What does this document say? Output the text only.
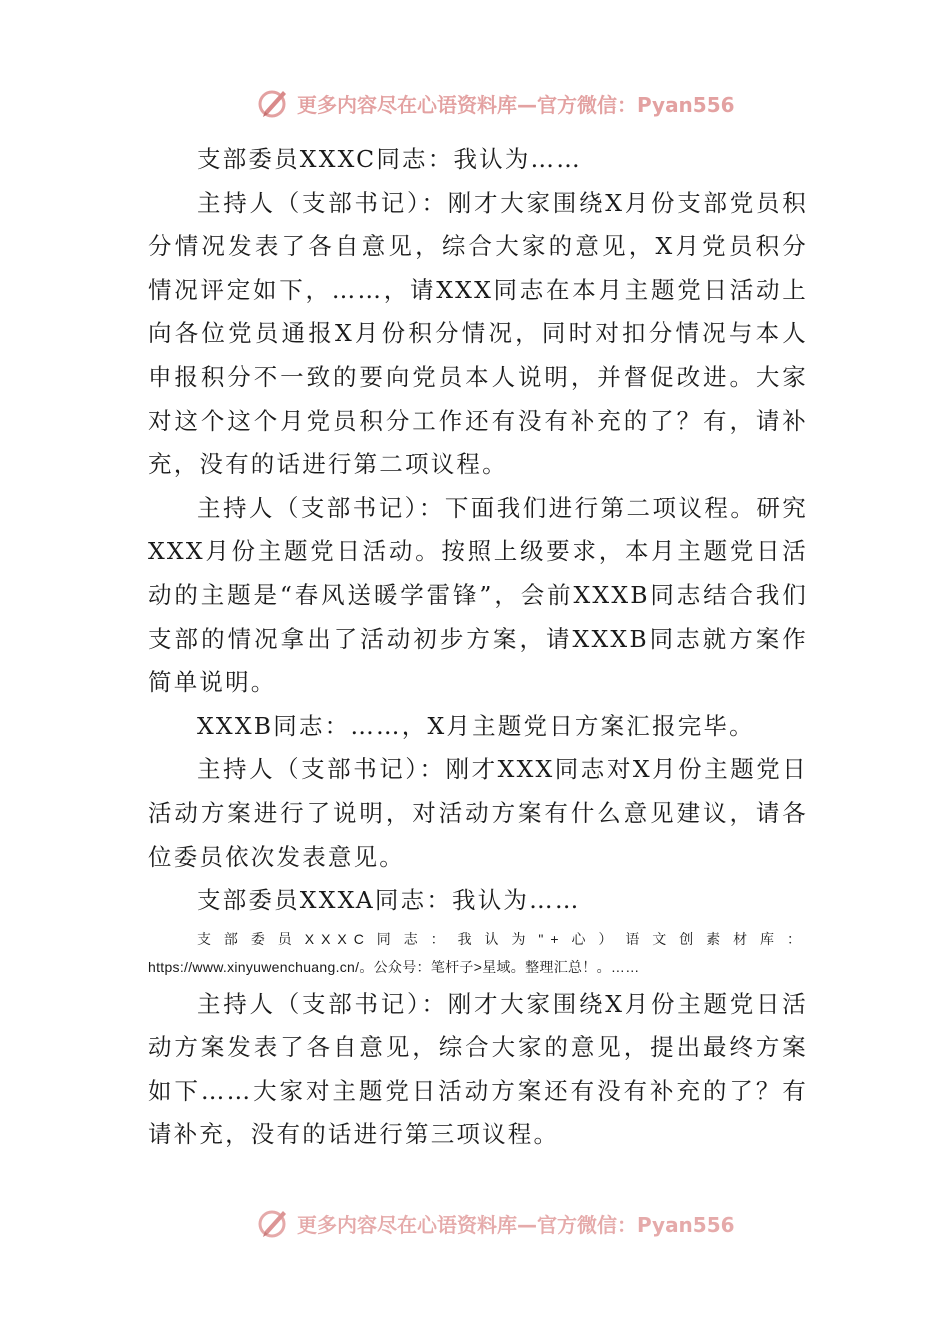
更多内容尽在心语资料库—官方微信：Pyan556

支部委员XXXC同志：我认为……

主持人（支部书记）：刚才大家围绕X月份支部党员积分情况发表了各自意见，综合大家的意见，X月党员积分情况评定如下，……，请XXX同志在本月主题党日活动上向各位党员通报X月份积分情况，同时对扣分情况与本人申报积分不一致的要向党员本人说明，并督促改进。大家对这个这个月党员积分工作还有没有补充的了？有，请补充，没有的话进行第二项议程。

主持人（支部书记）：下面我们进行第二项议程。研究XXX月份主题党日活动。按照上级要求，本月主题党日活动的主题是“春风送暖学雷锋”，会前XXXB同志结合我们支部的情况拿出了活动初步方案，请XXXB同志就方案作简单说明。

XXXB同志：……，X月主题党日方案汇报完毕。

主持人（支部书记）：刚才XXX同志对X月份主题党日活动方案进行了说明，对活动方案有什么意见建议，请各位委员依次发表意见。

支部委员XXXA同志：我认为……

支部委员XXXC同志：我认为"+心）语文创素材库：https://www.xinyuwenchuang.cn/。公众号：笔杆子>星域。整理汇总！。……

主持人（支部书记）：刚才大家围绕X月份主题党日活动方案发表了各自意见，综合大家的意见，提出最终方案如下……大家对主题党日活动方案还有没有补充的了？有请补充，没有的话进行第三项议程。

更多内容尽在心语资料库—官方微信：Pyan556
